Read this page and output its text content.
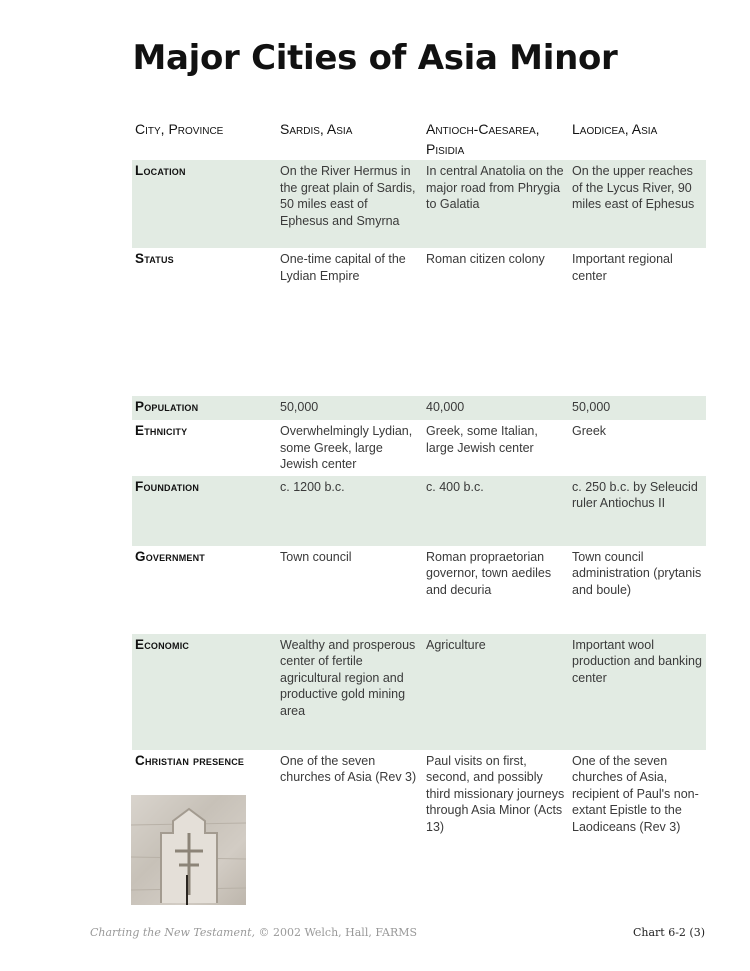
Major Cities of Asia Minor
City, Province	Sardis, Asia	Antioch-Caesarea, Pisidia	Laodicea, Asia
Location	On the River Hermus in the great plain of Sardis, 50 miles east of Ephesus and Smyrna	In central Anatolia on the major road from Phrygia to Galatia	On the upper reaches of the Lycus River, 90 miles east of Ephesus
Status	One-time capital of the Lydian Empire	Roman citizen colony	Important regional center
Population	50,000	40,000	50,000
Ethnicity	Overwhelmingly Lydian, some Greek, large Jewish center	Greek, some Italian, large Jewish center	Greek
Foundation	c. 1200 b.c.	c. 400 b.c.	c. 250 b.c. by Seleucid ruler Antiochus II
Government	Town council	Roman propraetorian governor, town aediles and decuria	Town council administration (prytanis and boule)
Economic	Wealthy and prosperous center of fertile agricultural region and productive gold mining area	Agriculture	Important wool production and banking center
Christian presence	One of the seven churches of Asia (Rev 3)	Paul visits on first, second, and possibly third missionary journeys through Asia Minor (Acts 13)	One of the seven churches of Asia, recipient of Paul's non-extant Epistle to the Laodiceans (Rev 3)
Charting the New Testament, © 2002 Welch, Hall, FARMS	Chart 6-2 (3)
